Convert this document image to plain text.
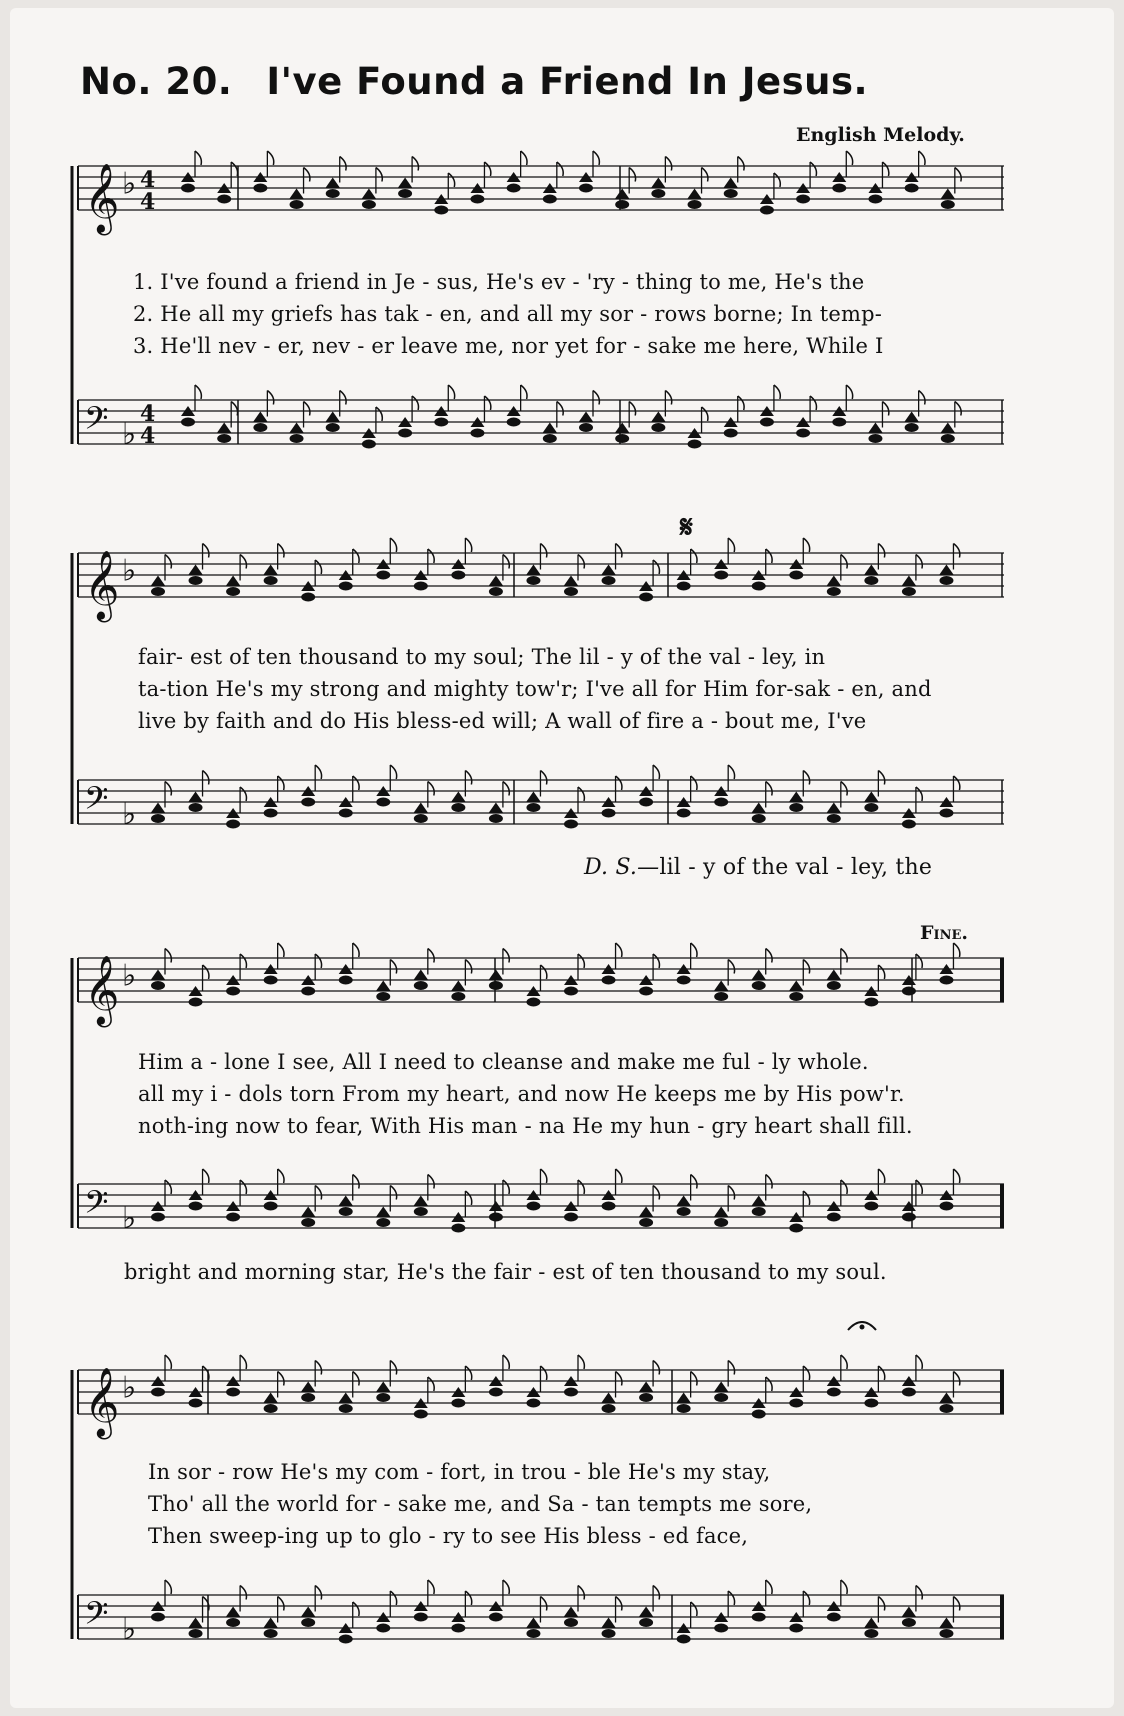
No. 20. I've Found a Friend In Jesus.
English Melody.
𝄋
Fine.
1. I've found a friend in Je - sus, He's ev - 'ry - thing to me, He's the
2. He all my griefs has tak - en, and all my sor - rows borne; In temp-
3. He'll nev - er, nev - er leave me, nor yet for - sake me here, While I
fair- est of ten thousand to my soul; The lil - y of the val - ley, in
ta-tion He's my strong and mighty tow'r; I've all for Him for-sak - en, and
live by faith and do His bless-ed will; A wall of fire a - bout me, I've
D. S.—lil - y of the val - ley, the
Him a - lone I see, All I need to cleanse and make me ful - ly whole.
all my i - dols torn From my heart, and now He keeps me by His pow'r.
noth-ing now to fear, With His man - na He my hun - gry heart shall fill.
bright and morning star, He's the fair - est of ten thousand to my soul.
In sor - row He's my com - fort, in trou - ble He's my stay,
Tho' all the world for - sake me, and Sa - tan tempts me sore,
Then sweep-ing up to glo - ry to see His bless - ed face,
𝄞 ♭ 4
4
𝄢 ♭
4
4
𝄞 ♭
𝄢 ♭
𝄞 ♭
𝄢 ♭
𝄞 ♭
𝄢 ♭
